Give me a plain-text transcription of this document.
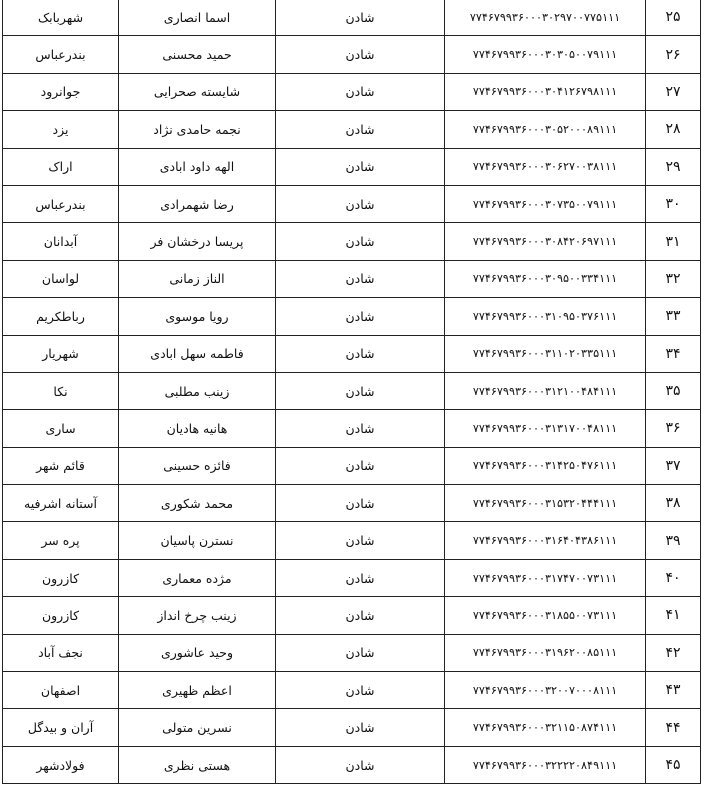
۲۵	۷۷۴۶۷۹۹۳۶۰۰۰۳۰۲۹۷۰۰۷۷۵۱۱۱	شادن	اسما انصاری	شهربابک
۲۶	۷۷۴۶۷۹۹۳۶۰۰۰۳۰۳۰۵۰۰۷۹۱۱۱	شادن	حمید محسنی	بندرعباس
۲۷	۷۷۴۶۷۹۹۳۶۰۰۰۳۰۴۱۲۶۷۹۸۱۱۱	شادن	شایسته صحرایی	جوانرود
۲۸	۷۷۴۶۷۹۹۳۶۰۰۰۳۰۵۲۰۰۰۸۹۱۱۱	شادن	نجمه حامدی نژاد	یزد
۲۹	۷۷۴۶۷۹۹۳۶۰۰۰۳۰۶۲۷۰۰۳۸۱۱۱	شادن	الهه داود ابادی	اراک
۳۰	۷۷۴۶۷۹۹۳۶۰۰۰۳۰۷۳۵۰۰۷۹۱۱۱	شادن	رضا شهمرادی	بندرعباس
۳۱	۷۷۴۶۷۹۹۳۶۰۰۰۳۰۸۴۲۰۶۹۷۱۱۱	شادن	پریسا درخشان فر	آبدانان
۳۲	۷۷۴۶۷۹۹۳۶۰۰۰۳۰۹۵۰۰۳۳۴۱۱۱	شادن	الناز زمانی	لواسان
۳۳	۷۷۴۶۷۹۹۳۶۰۰۰۳۱۰۹۵۰۳۷۶۱۱۱	شادن	رویا موسوی	رباطکریم
۳۴	۷۷۴۶۷۹۹۳۶۰۰۰۳۱۱۰۲۰۳۳۵۱۱۱	شادن	فاطمه سهل ابادی	شهریار
۳۵	۷۷۴۶۷۹۹۳۶۰۰۰۳۱۲۱۰۰۴۸۴۱۱۱	شادن	زینب مطلبی	نکا
۳۶	۷۷۴۶۷۹۹۳۶۰۰۰۳۱۳۱۷۰۰۴۸۱۱۱	شادن	هانیه هادیان	ساری
۳۷	۷۷۴۶۷۹۹۳۶۰۰۰۳۱۴۲۵۰۴۷۶۱۱۱	شادن	فائزه حسینی	قائم شهر
۳۸	۷۷۴۶۷۹۹۳۶۰۰۰۳۱۵۳۲۰۴۴۴۱۱۱	شادن	محمد شکوری	آستانه اشرفیه
۳۹	۷۷۴۶۷۹۹۳۶۰۰۰۳۱۶۴۰۴۳۸۶۱۱۱	شادن	نسترن پاسیان	پره سر
۴۰	۷۷۴۶۷۹۹۳۶۰۰۰۳۱۷۴۷۰۰۷۳۱۱۱	شادن	مژده معماری	کازرون
۴۱	۷۷۴۶۷۹۹۳۶۰۰۰۳۱۸۵۵۰۰۷۳۱۱۱	شادن	زینب چرخ انداز	کازرون
۴۲	۷۷۴۶۷۹۹۳۶۰۰۰۳۱۹۶۲۰۰۸۵۱۱۱	شادن	وحید عاشوری	نجف آباد
۴۳	۷۷۴۶۷۹۹۳۶۰۰۰۳۲۰۰۷۰۰۰۸۱۱۱	شادن	اعظم ظهیری	اصفهان
۴۴	۷۷۴۶۷۹۹۳۶۰۰۰۳۲۱۱۵۰۸۷۴۱۱۱	شادن	نسرین متولی	آران و بیدگل
۴۵	۷۷۴۶۷۹۹۳۶۰۰۰۳۲۲۲۲۰۸۴۹۱۱۱	شادن	هستی نظری	فولادشهر
